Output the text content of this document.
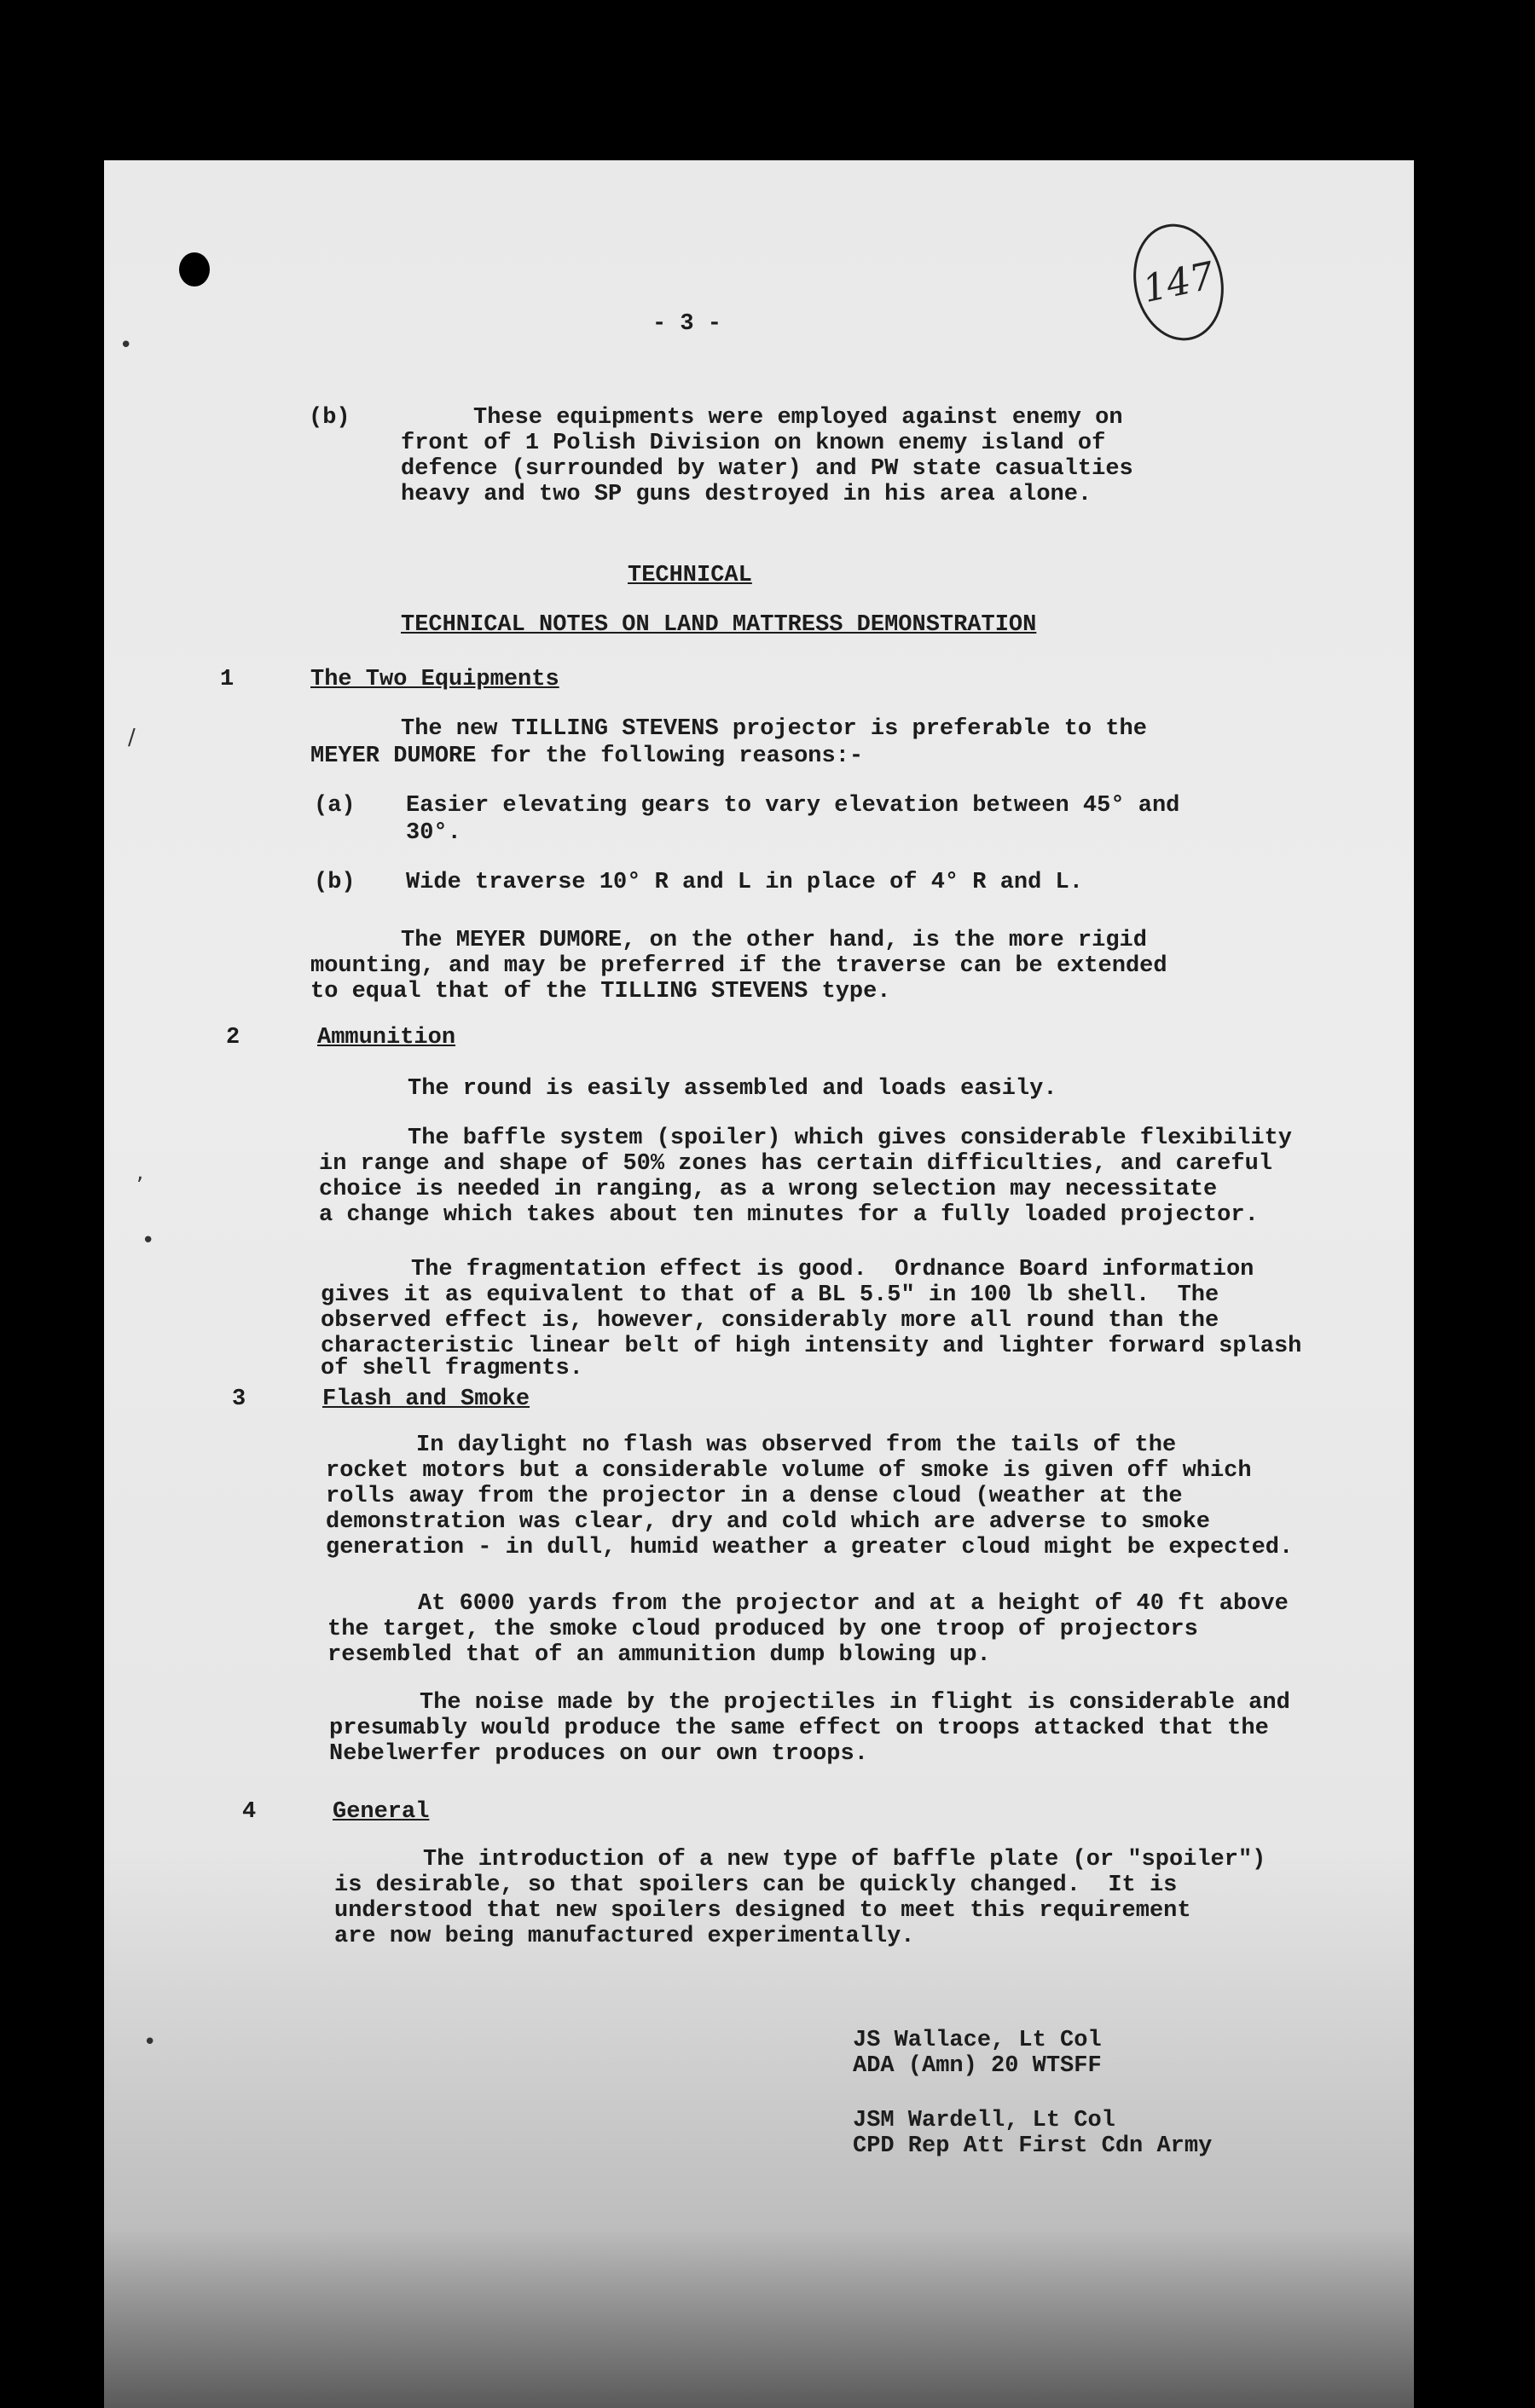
147
•
/
,
•
•
- 3 -
(b)	These equipments were employed against enemy on
front of 1 Polish Division on known enemy island of
defence (surrounded by water) and PW state casualties
heavy and two SP guns destroyed in his area alone.
TECHNICAL
TECHNICAL NOTES ON LAND MATTRESS DEMONSTRATION
1	The Two Equipments
The new TILLING STEVENS projector is preferable to the
MEYER DUMORE for the following reasons:-
(a) Easier elevating gears to vary elevation between 45° and
30°.
(b) Wide traverse 10° R and L in place of 4° R and L.
The MEYER DUMORE, on the other hand, is the more rigid
mounting, and may be preferred if the traverse can be extended
to equal that of the TILLING STEVENS type.
2	Ammunition
The round is easily assembled and loads easily.
The baffle system (spoiler) which gives considerable flexibility
in range and shape of 50% zones has certain difficulties, and careful
choice is needed in ranging, as a wrong selection may necessitate
a change which takes about ten minutes for a fully loaded projector.
The fragmentation effect is good.  Ordnance Board information
gives it as equivalent to that of a BL 5.5" in 100 lb shell.  The
observed effect is, however, considerably more all round than the
characteristic linear belt of high intensity and lighter forward splash
of shell fragments.
3	Flash and Smoke
In daylight no flash was observed from the tails of the
rocket motors but a considerable volume of smoke is given off which
rolls away from the projector in a dense cloud (weather at the
demonstration was clear, dry and cold which are adverse to smoke
generation - in dull, humid weather a greater cloud might be expected.
At 6000 yards from the projector and at a height of 40 ft above
the target, the smoke cloud produced by one troop of projectors
resembled that of an ammunition dump blowing up.
The noise made by the projectiles in flight is considerable and
presumably would produce the same effect on troops attacked that the
Nebelwerfer produces on our own troops.
4	General
The introduction of a new type of baffle plate (or "spoiler")
is desirable, so that spoilers can be quickly changed.  It is
understood that new spoilers designed to meet this requirement
are now being manufactured experimentally.
JS Wallace, Lt Col
ADA (Amn) 20 WTSFF
JSM Wardell, Lt Col
CPD Rep Att First Cdn Army
